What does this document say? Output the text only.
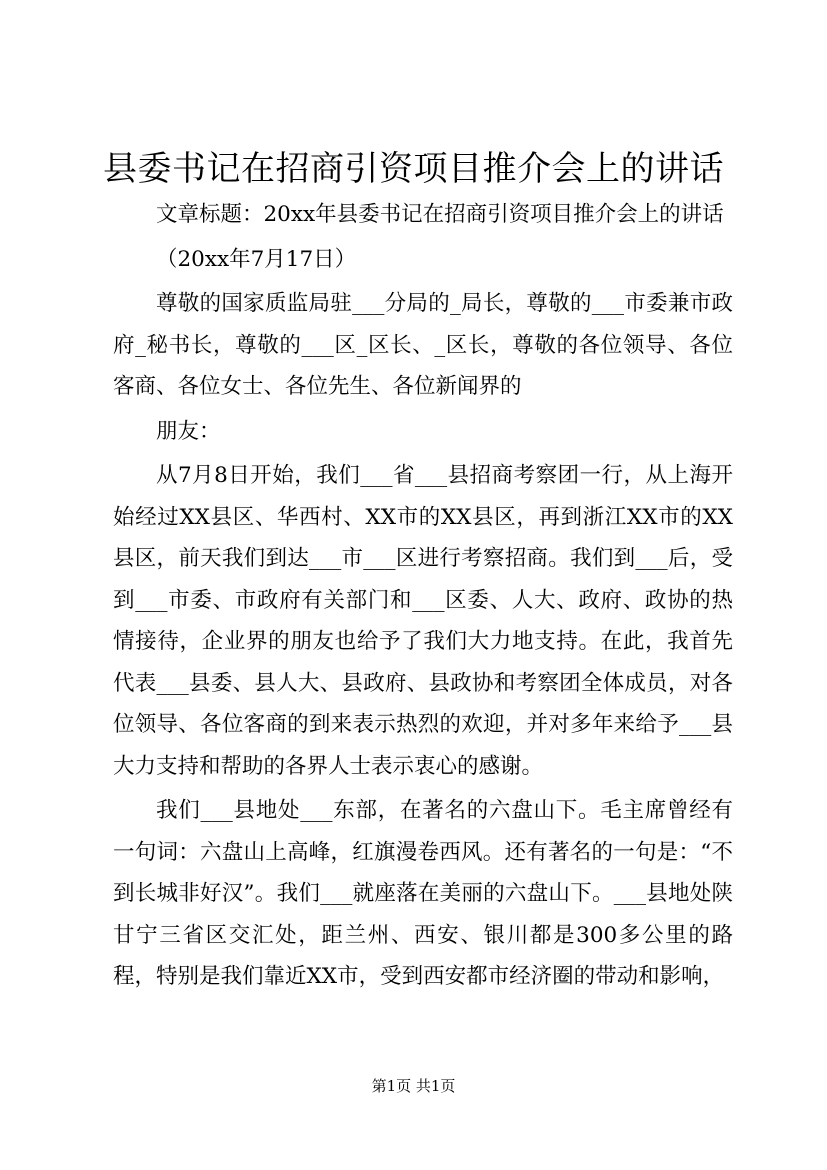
县委书记在招商引资项目推介会上的讲话

文章标题：20xx年县委书记在招商引资项目推介会上的讲话

（20xx年7月17日）

尊敬的国家质监局驻___分局的_局长，尊敬的___市委兼市政府_秘书长，尊敬的___区_区长、_区长，尊敬的各位领导、各位客商、各位女士、各位先生、各位新闻界的

朋友：

从7月8日开始，我们___省___县招商考察团一行，从上海开始经过XX县区、华西村、XX市的XX县区，再到浙江XX市的XX县区，前天我们到达___市___区进行考察招商。我们到___后，受到___市委、市政府有关部门和___区委、人大、政府、政协的热情接待，企业界的朋友也给予了我们大力地支持。在此，我首先代表___县委、县人大、县政府、县政协和考察团全体成员，对各位领导、各位客商的到来表示热烈的欢迎，并对多年来给予___县大力支持和帮助的各界人士表示衷心的感谢。

我们___县地处___东部，在著名的六盘山下。毛主席曾经有一句词：六盘山上高峰，红旗漫卷西风。还有著名的一句是：“不到长城非好汉”。我们___就座落在美丽的六盘山下。___县地处陕甘宁三省区交汇处，距兰州、西安、银川都是300多公里的路程，特别是我们靠近XX市，受到西安都市经济圈的带动和影响，

第1页 共1页
